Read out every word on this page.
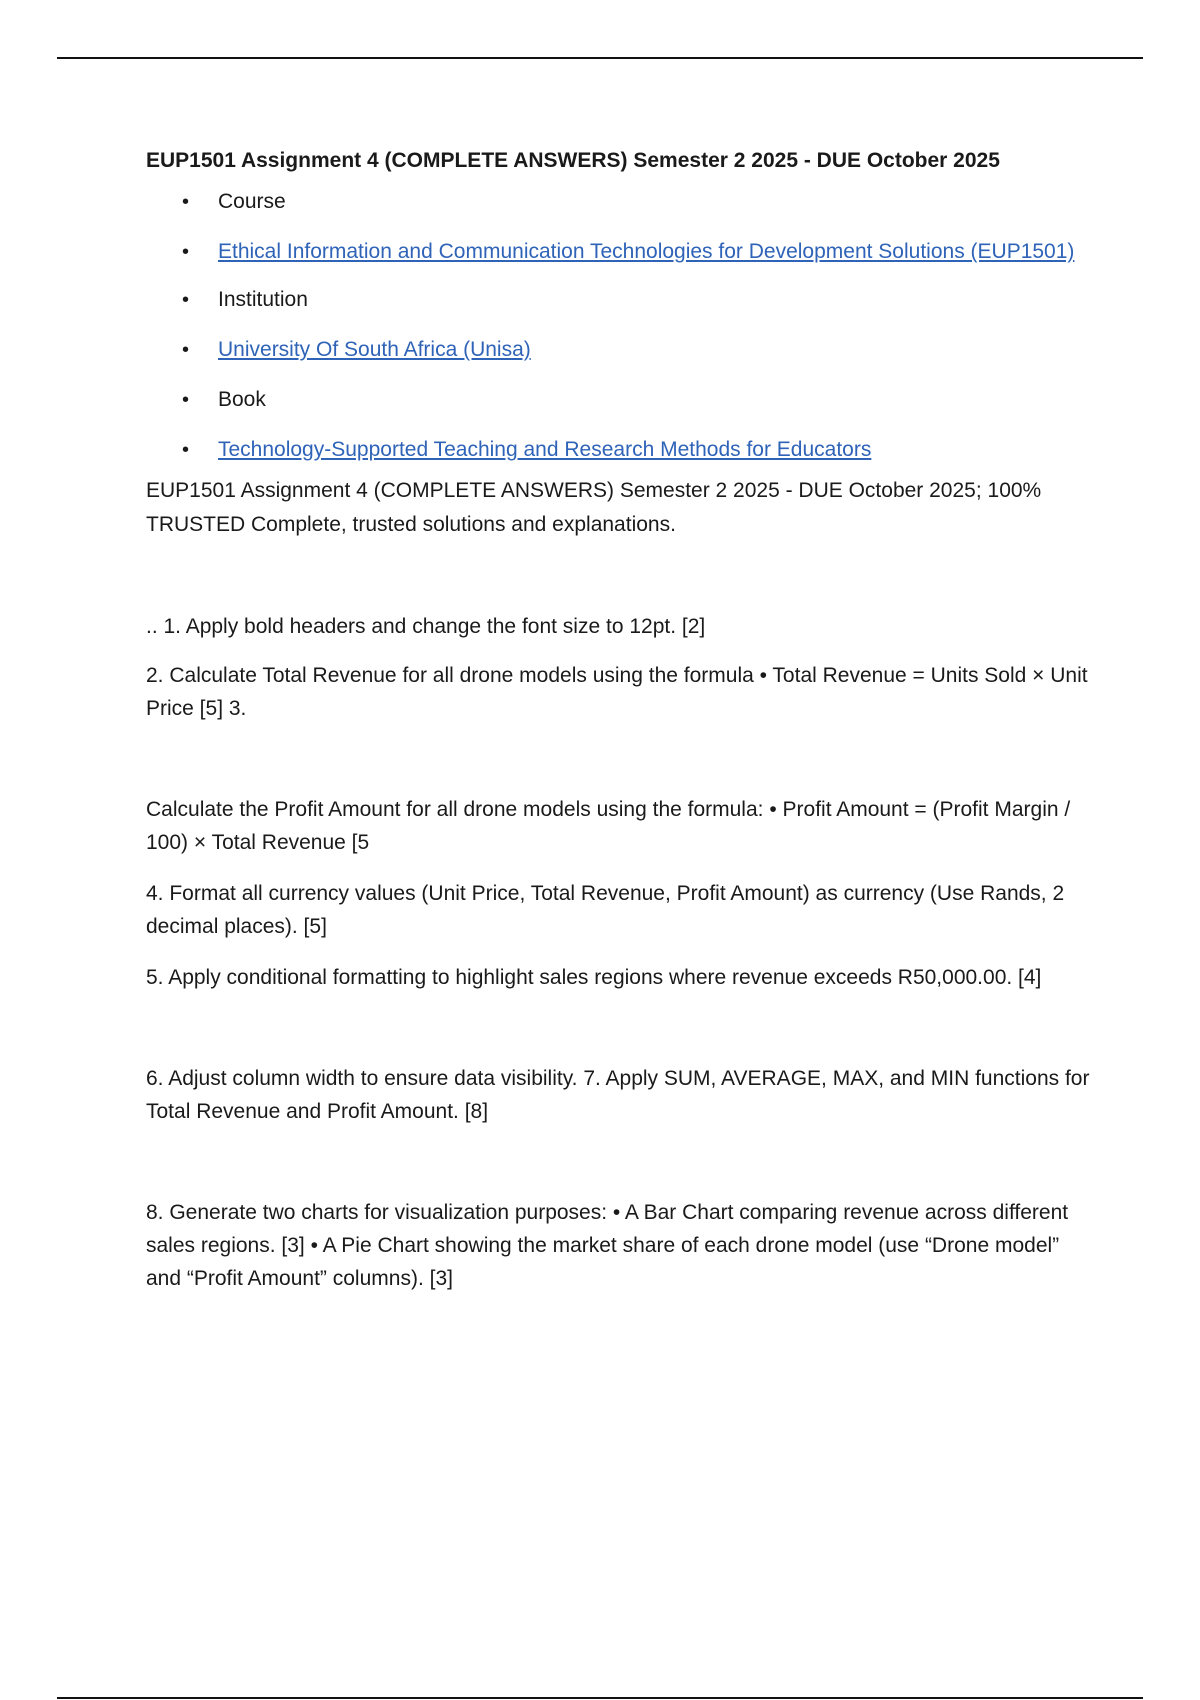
EUP1501 Assignment 4 (COMPLETE ANSWERS) Semester 2 2025 - DUE October 2025
• Course
• Ethical Information and Communication Technologies for Development Solutions (EUP1501)
• Institution
• University Of South Africa (Unisa)
• Book
• Technology-Supported Teaching and Research Methods for Educators

EUP1501 Assignment 4 (COMPLETE ANSWERS) Semester 2 2025 - DUE October 2025; 100% TRUSTED Complete, trusted solutions and explanations.

.. 1. Apply bold headers and change the font size to 12pt. [2]

2. Calculate Total Revenue for all drone models using the formula • Total Revenue = Units Sold × Unit Price [5] 3.

Calculate the Profit Amount for all drone models using the formula: • Profit Amount = (Profit Margin / 100) × Total Revenue [5

4. Format all currency values (Unit Price, Total Revenue, Profit Amount) as currency (Use Rands, 2 decimal places). [5]

5. Apply conditional formatting to highlight sales regions where revenue exceeds R50,000.00. [4]

6. Adjust column width to ensure data visibility. 7. Apply SUM, AVERAGE, MAX, and MIN functions for Total Revenue and Profit Amount. [8]

8. Generate two charts for visualization purposes: • A Bar Chart comparing revenue across different sales regions. [3] • A Pie Chart showing the market share of each drone model (use “Drone model” and “Profit Amount” columns). [3]
